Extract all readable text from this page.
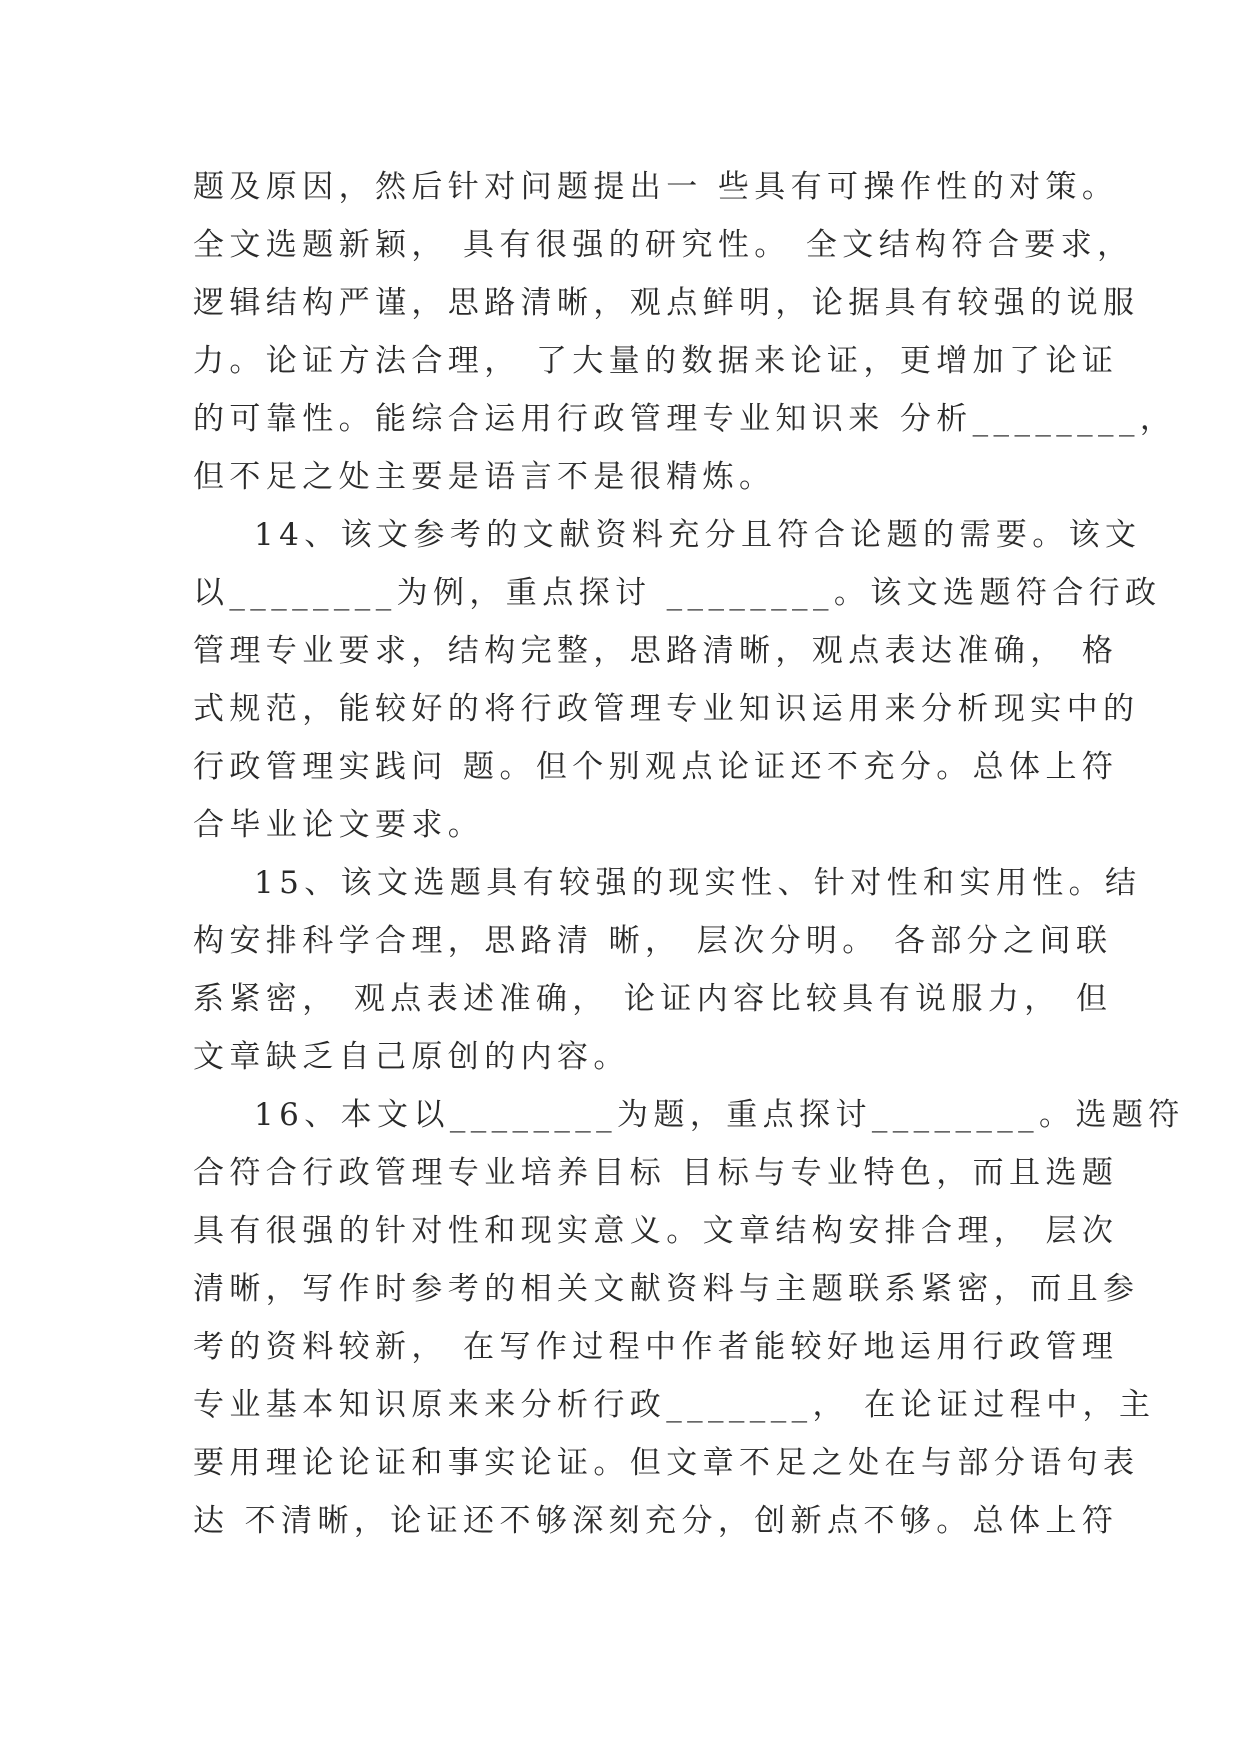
题及原因，然后针对问题提出一 些具有可操作性的对策。
全文选题新颖， 具有很强的研究性。 全文结构符合要求，
逻辑结构严谨，思路清晰，观点鲜明，论据具有较强的说服
力。论证方法合理， 了大量的数据来论证，更增加了论证
的可靠性。能综合运用行政管理专业知识来 分析________，
但不足之处主要是语言不是很精炼。
14、该文参考的文献资料充分且符合论题的需要。该文
以________为例，重点探讨 ________。该文选题符合行政
管理专业要求，结构完整，思路清晰，观点表达准确， 格
式规范，能较好的将行政管理专业知识运用来分析现实中的
行政管理实践问 题。但个别观点论证还不充分。总体上符
合毕业论文要求。
15、该文选题具有较强的现实性、针对性和实用性。结
构安排科学合理，思路清 晰， 层次分明。 各部分之间联
系紧密， 观点表述准确， 论证内容比较具有说服力， 但
文章缺乏自己原创的内容。
16、本文以________为题，重点探讨________。选题符
合符合行政管理专业培养目标 目标与专业特色，而且选题
具有很强的针对性和现实意义。文章结构安排合理， 层次
清晰，写作时参考的相关文献资料与主题联系紧密，而且参
考的资料较新， 在写作过程中作者能较好地运用行政管理
专业基本知识原来来分析行政_______， 在论证过程中，主
要用理论论证和事实论证。但文章不足之处在与部分语句表
达 不清晰，论证还不够深刻充分，创新点不够。总体上符
